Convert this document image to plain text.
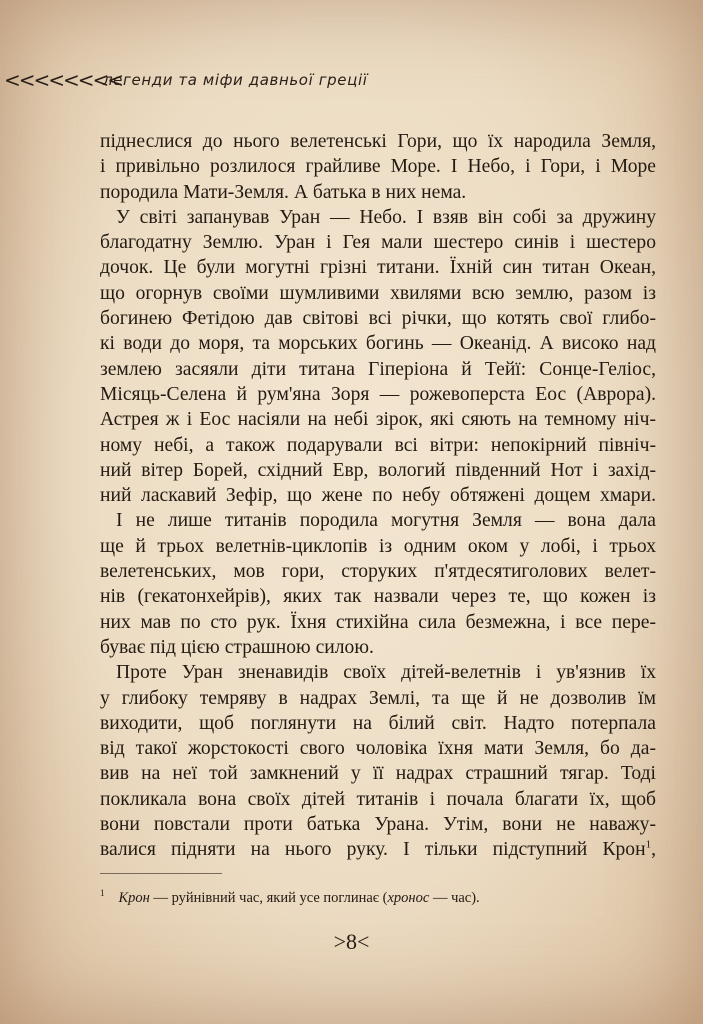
<<<<<<<<
легенди та міфи давньої греції
піднеслися до нього велетенські Гори, що їх народила Земля,
і привільно розлилося грайливе Море. І Небо, і Гори, і Море
породила Мати-Земля. А батька в них нема.
У світі запанував Уран — Небо. І взяв він собі за дружину
благодатну Землю. Уран і Гея мали шестеро синів і шестеро
дочок. Це були могутні грізні титани. Їхній син титан Океан,
що огорнув своїми шумливими хвилями всю землю, разом із
богинею Фетідою дав світові всі річки, що котять свої глибо-
кі води до моря, та морських богинь — Океанід. А високо над
землею засяяли діти титана Гіперіона й Тейї: Сонце-Геліос,
Місяць-Селена й рум'яна Зоря — рожевоперста Еос (Аврора).
Астрея ж і Еос насіяли на небі зірок, які сяють на темному ніч-
ному небі, а також подарували всі вітри: непокірний північ-
ний вітер Борей, східний Евр, вологий південний Нот і захід-
ний ласкавий Зефір, що жене по небу обтяжені дощем хмари.
І не лише титанів породила могутня Земля — вона дала
ще й трьох велетнів-циклопів із одним оком у лобі, і трьох
велетенських, мов гори, сторуких п'ятдесятиголових велет-
нів (гекатонхейрів), яких так назвали через те, що кожен із
них мав по сто рук. Їхня стихійна сила безмежна, і все пере-
буває під цією страшною силою.
Проте Уран зненавидів своїх дітей-велетнів і ув'язнив їх
у глибоку темряву в надрах Землі, та ще й не дозволив їм
виходити, щоб поглянути на білий світ. Надто потерпала
від такої жорстокості свого чоловіка їхня мати Земля, бо да-
вив на неї той замкнений у її надрах страшний тягар. Тоді
покликала вона своїх дітей титанів і почала благати їх, щоб
вони повстали проти батька Урана. Утім, вони не наважу-
валися підняти на нього руку. І тільки підступний Крон$^1$,
$^1$ Крон — руйнівний час, який усе поглинає (хронос — час).
>8<
